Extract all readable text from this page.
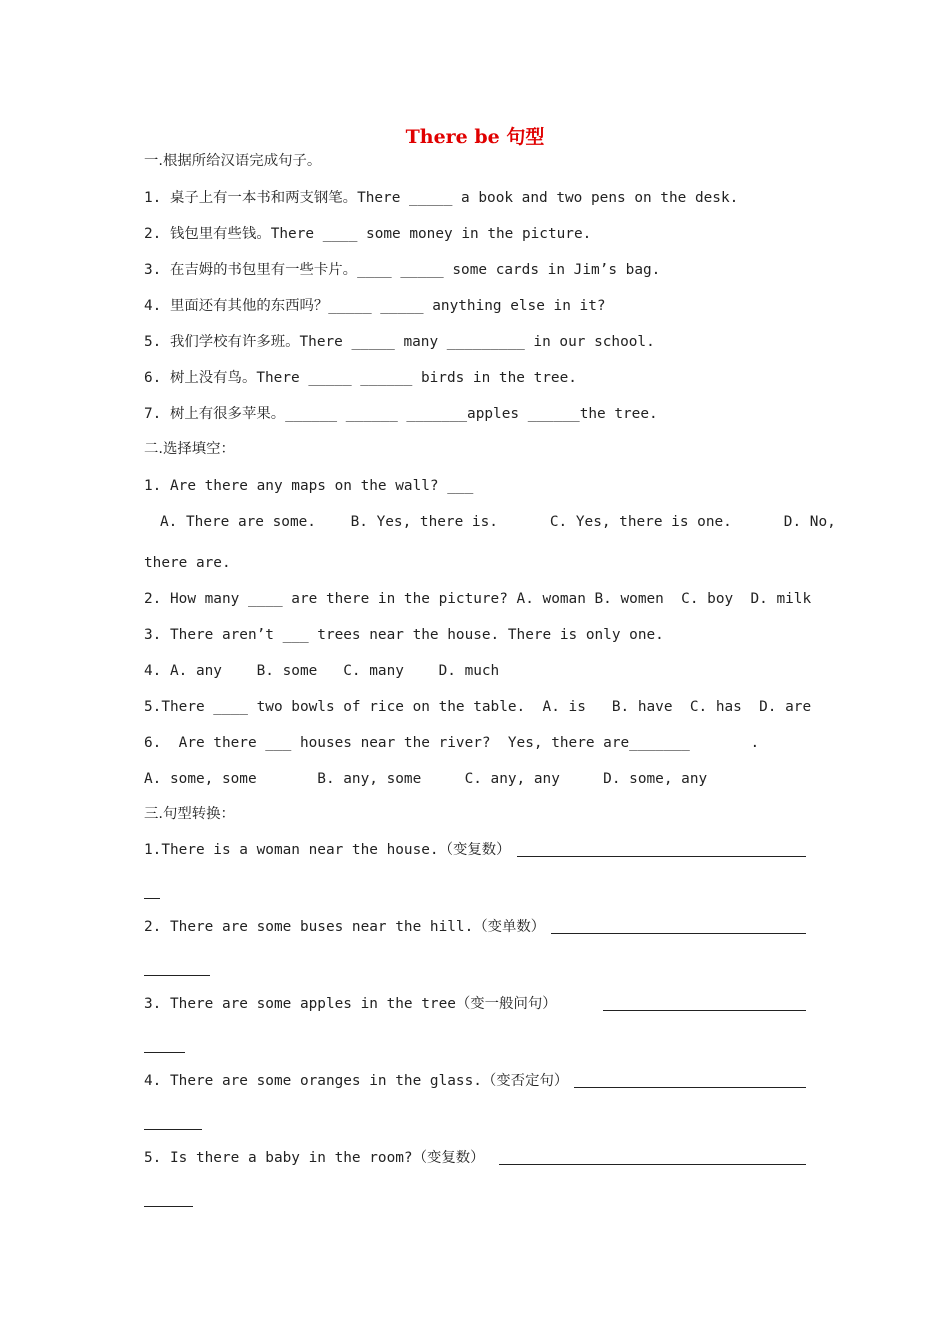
There be 句型
一.根据所给汉语完成句子。
1. 桌子上有一本书和两支钢笔。There _____ a book and two pens on the desk.
2. 钱包里有些钱。There ____ some money in the picture.
3. 在吉姆的书包里有一些卡片。____ _____ some cards in Jim’s bag.
4. 里面还有其他的东西吗？_____ _____ anything else in it?
5. 我们学校有许多班。There _____ many _________ in our school.
6. 树上没有鸟。There _____ ______ birds in the tree.
7. 树上有很多苹果。______ ______ _______apples ______the tree.
二.选择填空：
1. Are there any maps on the wall? ___
A. There are some.    B. Yes, there is.      C. Yes, there is one.      D. No,
there are.
2. How many ____ are there in the picture? A. woman B. women  C. boy  D. milk
3. There aren’t ___ trees near the house. There is only one.
4. A. any    B. some   C. many    D. much
5.There ____ two bowls of rice on the table.  A. is   B. have  C. has  D. are
6.  Are there ___ houses near the river?  Yes, there are_______       .
A. some, some       B. any, some     C. any, any     D. some, any
三.句型转换：
1.There is a woman near the house.（变复数）
2. There are some buses near the hill.（变单数）
3. There are some apples in the tree（变一般问句）
4. There are some oranges in the glass.（变否定句）
5. Is there a baby in the room?（变复数）
